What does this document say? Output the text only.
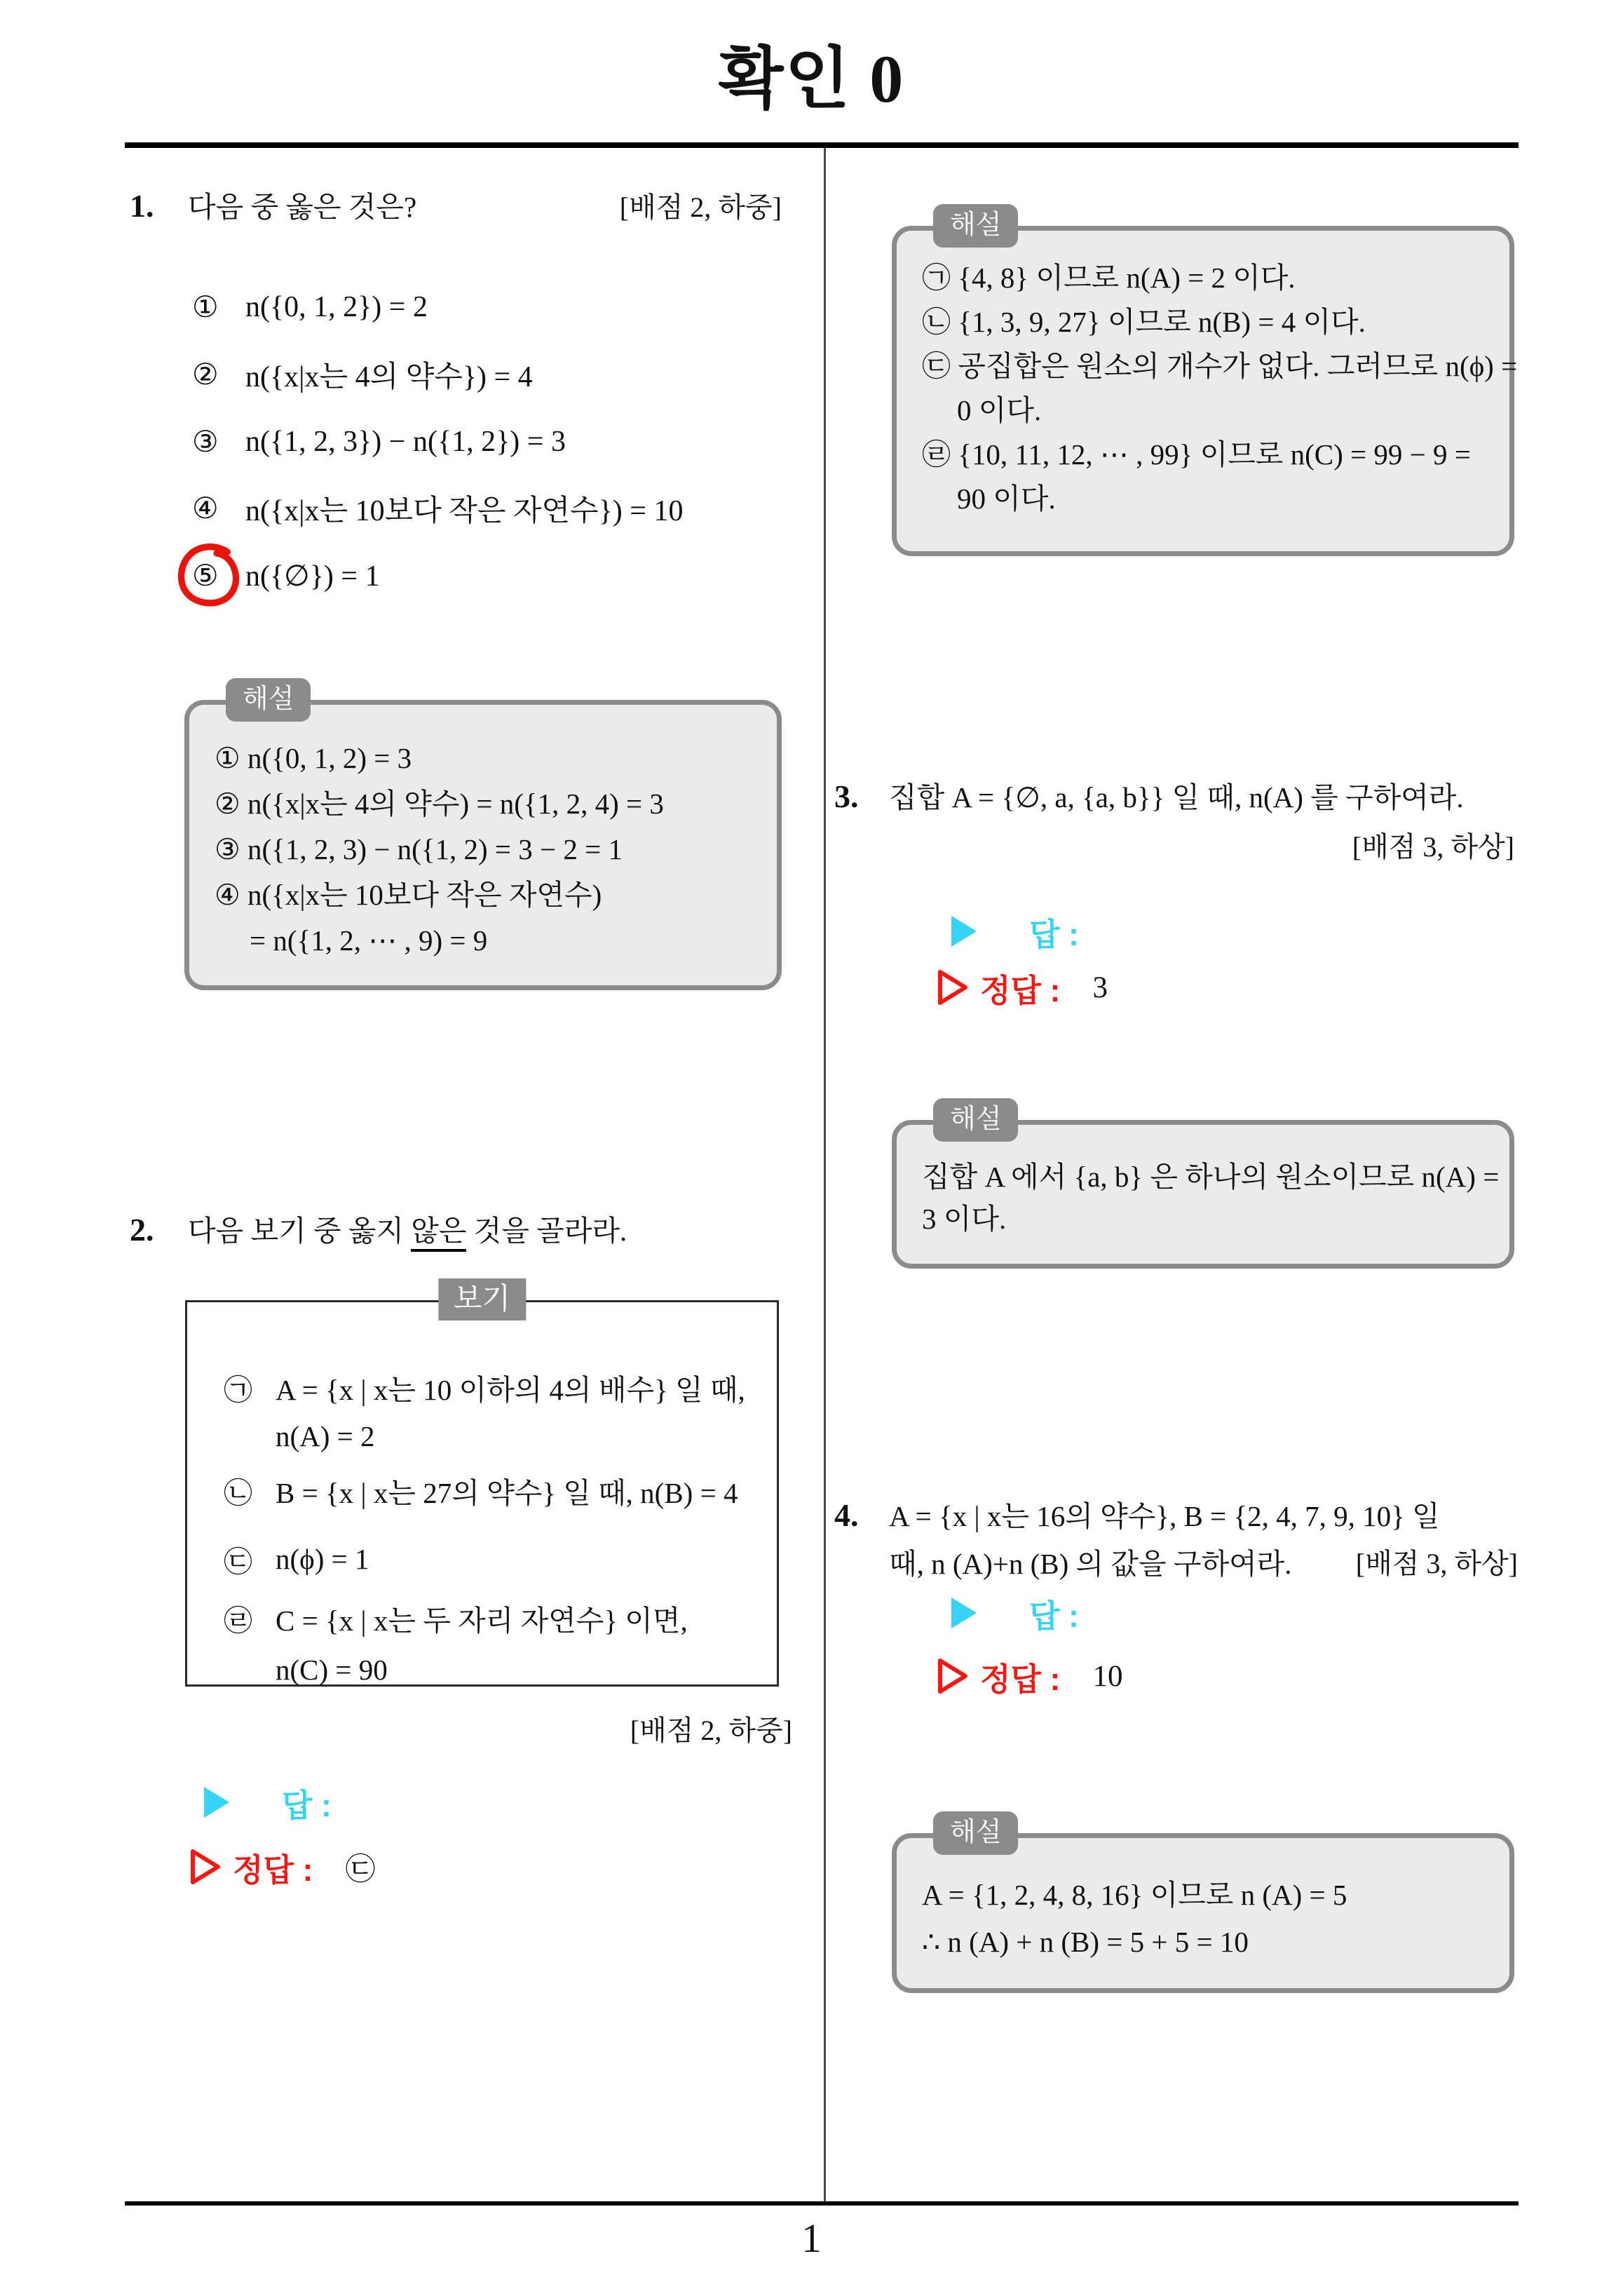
확인 0
1
1.	다음 중 옳은 것은?	[배점 2, 하중]
① n({0, 1, 2}) = 2
② n({x|x는 4의 약수}) = 4
③ n({1, 2, 3}) − n({1, 2}) = 3
④ n({x|x는 10보다 작은 자연수}) = 10
⑤ n({∅}) = 1
해설
① n({0, 1, 2) = 3
② n({x|x는 4의 약수) = n({1, 2, 4) = 3
③ n({1, 2, 3) − n({1, 2) = 3 − 2 = 1
④ n({x|x는 10보다 작은 자연수)
= n({1, 2, ⋯ , 9) = 9
2.	다음 보기 중 옳지 않은 것을 골라라.
보기
㉠ A = {x | x는 10 이하의 4의 배수} 일 때,
n(A) = 2
㉡ B = {x | x는 27의 약수} 일 때, n(B) = 4
㉢ n(ϕ) = 1
㉣ C = {x | x는 두 자리 자연수} 이면,
n(C) = 90
[배점 2, 하중]
답 :
정답 : ㉢
해설
㉠ {4, 8} 이므로 n(A) = 2 이다.
㉡ {1, 3, 9, 27} 이므로 n(B) = 4 이다.
㉢ 공집합은 원소의 개수가 없다. 그러므로 n(ϕ) =
0 이다.
㉣ {10, 11, 12, ⋯ , 99} 이므로 n(C) = 99 − 9 =
90 이다.
3.	집합 A = {∅, a, {a, b}} 일 때, n(A) 를 구하여라.
[배점 3, 하상]
답 :
정답 : 3
해설
집합 A 에서 {a, b} 은 하나의 원소이므로 n(A) =
3 이다.
4.	A = {x | x는 16의 약수}, B = {2, 4, 7, 9, 10} 일
때, n (A)+n (B) 의 값을 구하여라.	[배점 3, 하상]
답 :
정답 : 10
해설
A = {1, 2, 4, 8, 16} 이므로 n (A) = 5
∴ n (A) + n (B) = 5 + 5 = 10
